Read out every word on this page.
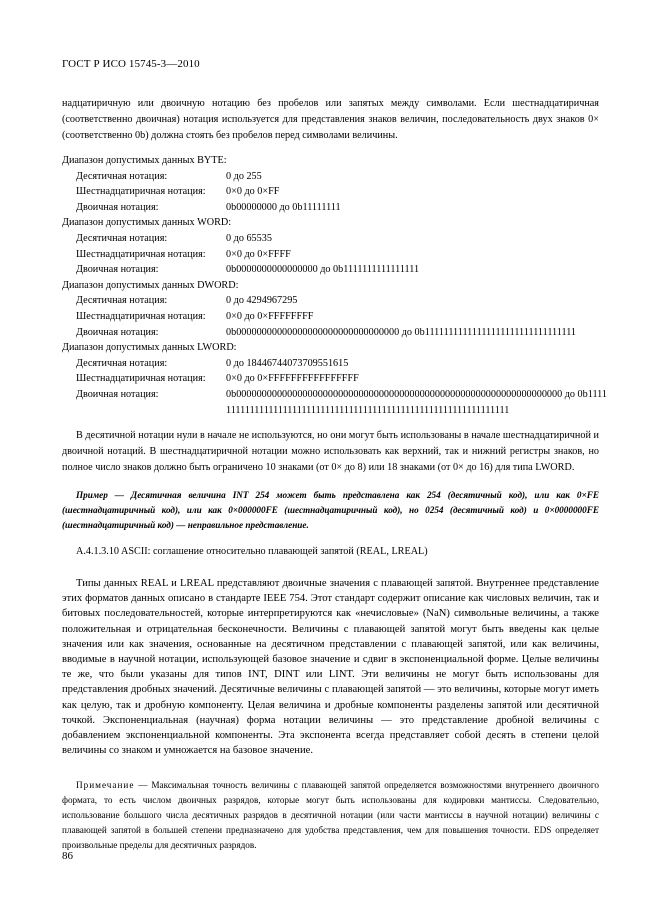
ГОСТ Р ИСО 15745-3—2010
надцатиричную или двоичную нотацию без пробелов или запятых между символами. Если шестнадцатиричная (соответственно двоичная) нотация используется для представления знаков величин, последовательность двух знаков 0× (соответственно 0b) должна стоять без пробелов перед символами величины.
Диапазон допустимых данных BYTE:
Десятичная нотация:	0 до 255
Шестнадцатиричная нотация:	0×0 до 0×FF
Двоичная нотация:	0b00000000 до 0b11111111
Диапазон допустимых данных WORD:
Десятичная нотация:	0 до 65535
Шестнадцатиричная нотация:	0×0 до 0×FFFF
Двоичная нотация:	0b0000000000000000 до 0b1111111111111111
Диапазон допустимых данных DWORD:
Десятичная нотация:	0 до 4294967295
Шестнадцатиричная нотация:	0×0 до 0×FFFFFFFF
Двоичная нотация:	0b00000000000000000000000000000000 до 0b11111111111111111111111111111111
Диапазон допустимых данных LWORD:
Десятичная нотация:	0 до 18446744073709551615
Шестнадцатиричная нотация:	0×0 до 0×FFFFFFFFFFFFFFFF
Двоичная нотация:	0b0000000000000000000000000000000000000000000000000000000000000000 до 0b1111111111111111111111111111111111111111111111111111111111111111
В десятичной нотации нули в начале не используются, но они могут быть использованы в начале шестнадцатиричной и двоичной нотаций. В шестнадцатиричной нотации можно использовать как верхний, так и нижний регистры знаков, но полное число знаков должно быть ограничено 10 знаками (от 0× до 8) или 18 знаками (от 0× до 16) для типа LWORD.
Пример — Десятичная величина INT 254 может быть представлена как 254 (десятичный код), или как 0×FE (шестнадцатиричный код), или как 0×000000FE (шестнадцатиричный код), но 0254 (десятичный код) и 0×0000000FE (шестнадцатиричный код) — неправильное представление.
A.4.1.3.10 ASCII: соглашение относительно плавающей запятой (REAL, LREAL)
Типы данных REAL и LREAL представляют двоичные значения с плавающей запятой. Внутреннее представление этих форматов данных описано в стандарте IEEE 754. Этот стандарт содержит описание как числовых величин, так и битовых последовательностей, которые интерпретируются как «нечисловые» (NaN) символьные величины, а также положительная и отрицательная бесконечности. Величины с плавающей запятой могут быть введены как целые значения или как значения, основанные на десятичном представлении с плавающей запятой, или как величины, вводимые в научной нотации, использующей базовое значение и сдвиг в экспоненциальной форме. Целые величины те же, что были указаны для типов INT, DINT или LINT. Эти величины не могут быть использованы для представления дробных значений. Десятичные величины с плавающей запятой — это величины, которые могут иметь как целую, так и дробную компоненту. Целая величина и дробные компоненты разделены запятой или десятичной точкой. Экспоненциальная (научная) форма нотации величины — это представление дробной величины с добавлением экспоненциальной компоненты. Эта экспонента всегда представляет собой десять в степени целой величины со знаком и умножается на базовое значение.
Примечание — Максимальная точность величины с плавающей запятой определяется возможностями внутреннего двоичного формата, то есть числом двоичных разрядов, которые могут быть использованы для кодировки мантиссы. Следовательно, использование большого числа десятичных разрядов в десятичной нотации (или части мантиссы в научной нотации) величины с плавающей запятой в большей степени предназначено для удобства представления, чем для повышения точности. EDS определяет произвольные пределы для десятичных разрядов.
86
